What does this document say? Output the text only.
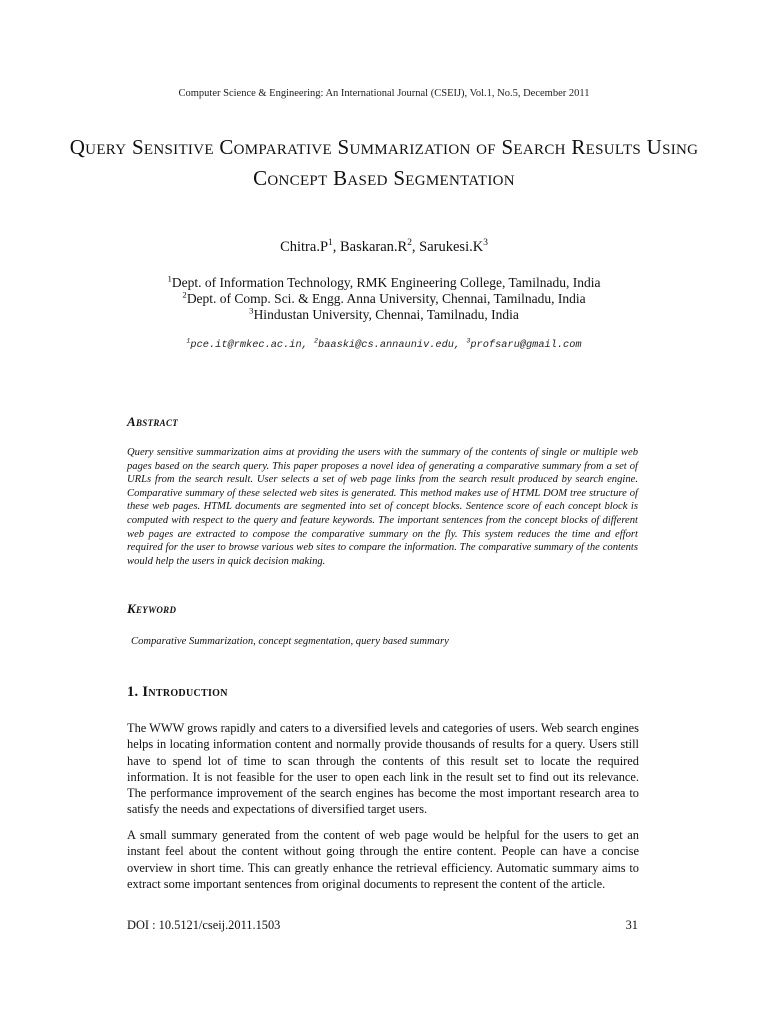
Computer Science & Engineering: An International Journal (CSEIJ), Vol.1, No.5, December 2011
Query Sensitive Comparative Summarization of Search Results Using Concept Based Segmentation
$Chitra.P^1$, $Baskaran.R^2$, $Sarukesi.K^3$
$^1$Dept. of Information Technology, RMK Engineering College, Tamilnadu, India
$^2$Dept. of Comp. Sci. & Engg. Anna University, Chennai, Tamilnadu, India
$^3$Hindustan University, Chennai, Tamilnadu, India
$^1$pce.it@rmkec.ac.in, $^2$baaski@cs.annauniv.edu, $^3$profsaru@gmail.com
Abstract
Query sensitive summarization aims at providing the users with the summary of the contents of single or multiple web pages based on the search query. This paper proposes a novel idea of generating a comparative summary from a set of URLs from the search result. User selects a set of web page links from the search result produced by search engine. Comparative summary of these selected web sites is generated. This method makes use of HTML DOM tree structure of these web pages. HTML documents are segmented into set of concept blocks. Sentence score of each concept block is computed with respect to the query and feature keywords. The important sentences from the concept blocks of different web pages are extracted to compose the comparative summary on the fly. This system reduces the time and effort required for the user to browse various web sites to compare the information. The comparative summary of the contents would help the users in quick decision making.
Keyword
Comparative Summarization, concept segmentation, query based summary
1. Introduction
The WWW grows rapidly and caters to a diversified levels and categories of users. Web search engines helps in locating information content and normally provide thousands of results for a query. Users still have to spend lot of time to scan through the contents of this result set to locate the required information. It is not feasible for the user to open each link in the result set to find out its relevance. The performance improvement of the search engines has become the most important research area to satisfy the needs and expectations of diversified target users.
A small summary generated from the content of web page would be helpful for the users to get an instant feel about the content without going through the entire content. People can have a concise overview in short time. This can greatly enhance the retrieval efficiency. Automatic summary aims to extract some important sentences from original documents to represent the content of the article.
DOI : 10.5121/cseij.2011.1503	31
